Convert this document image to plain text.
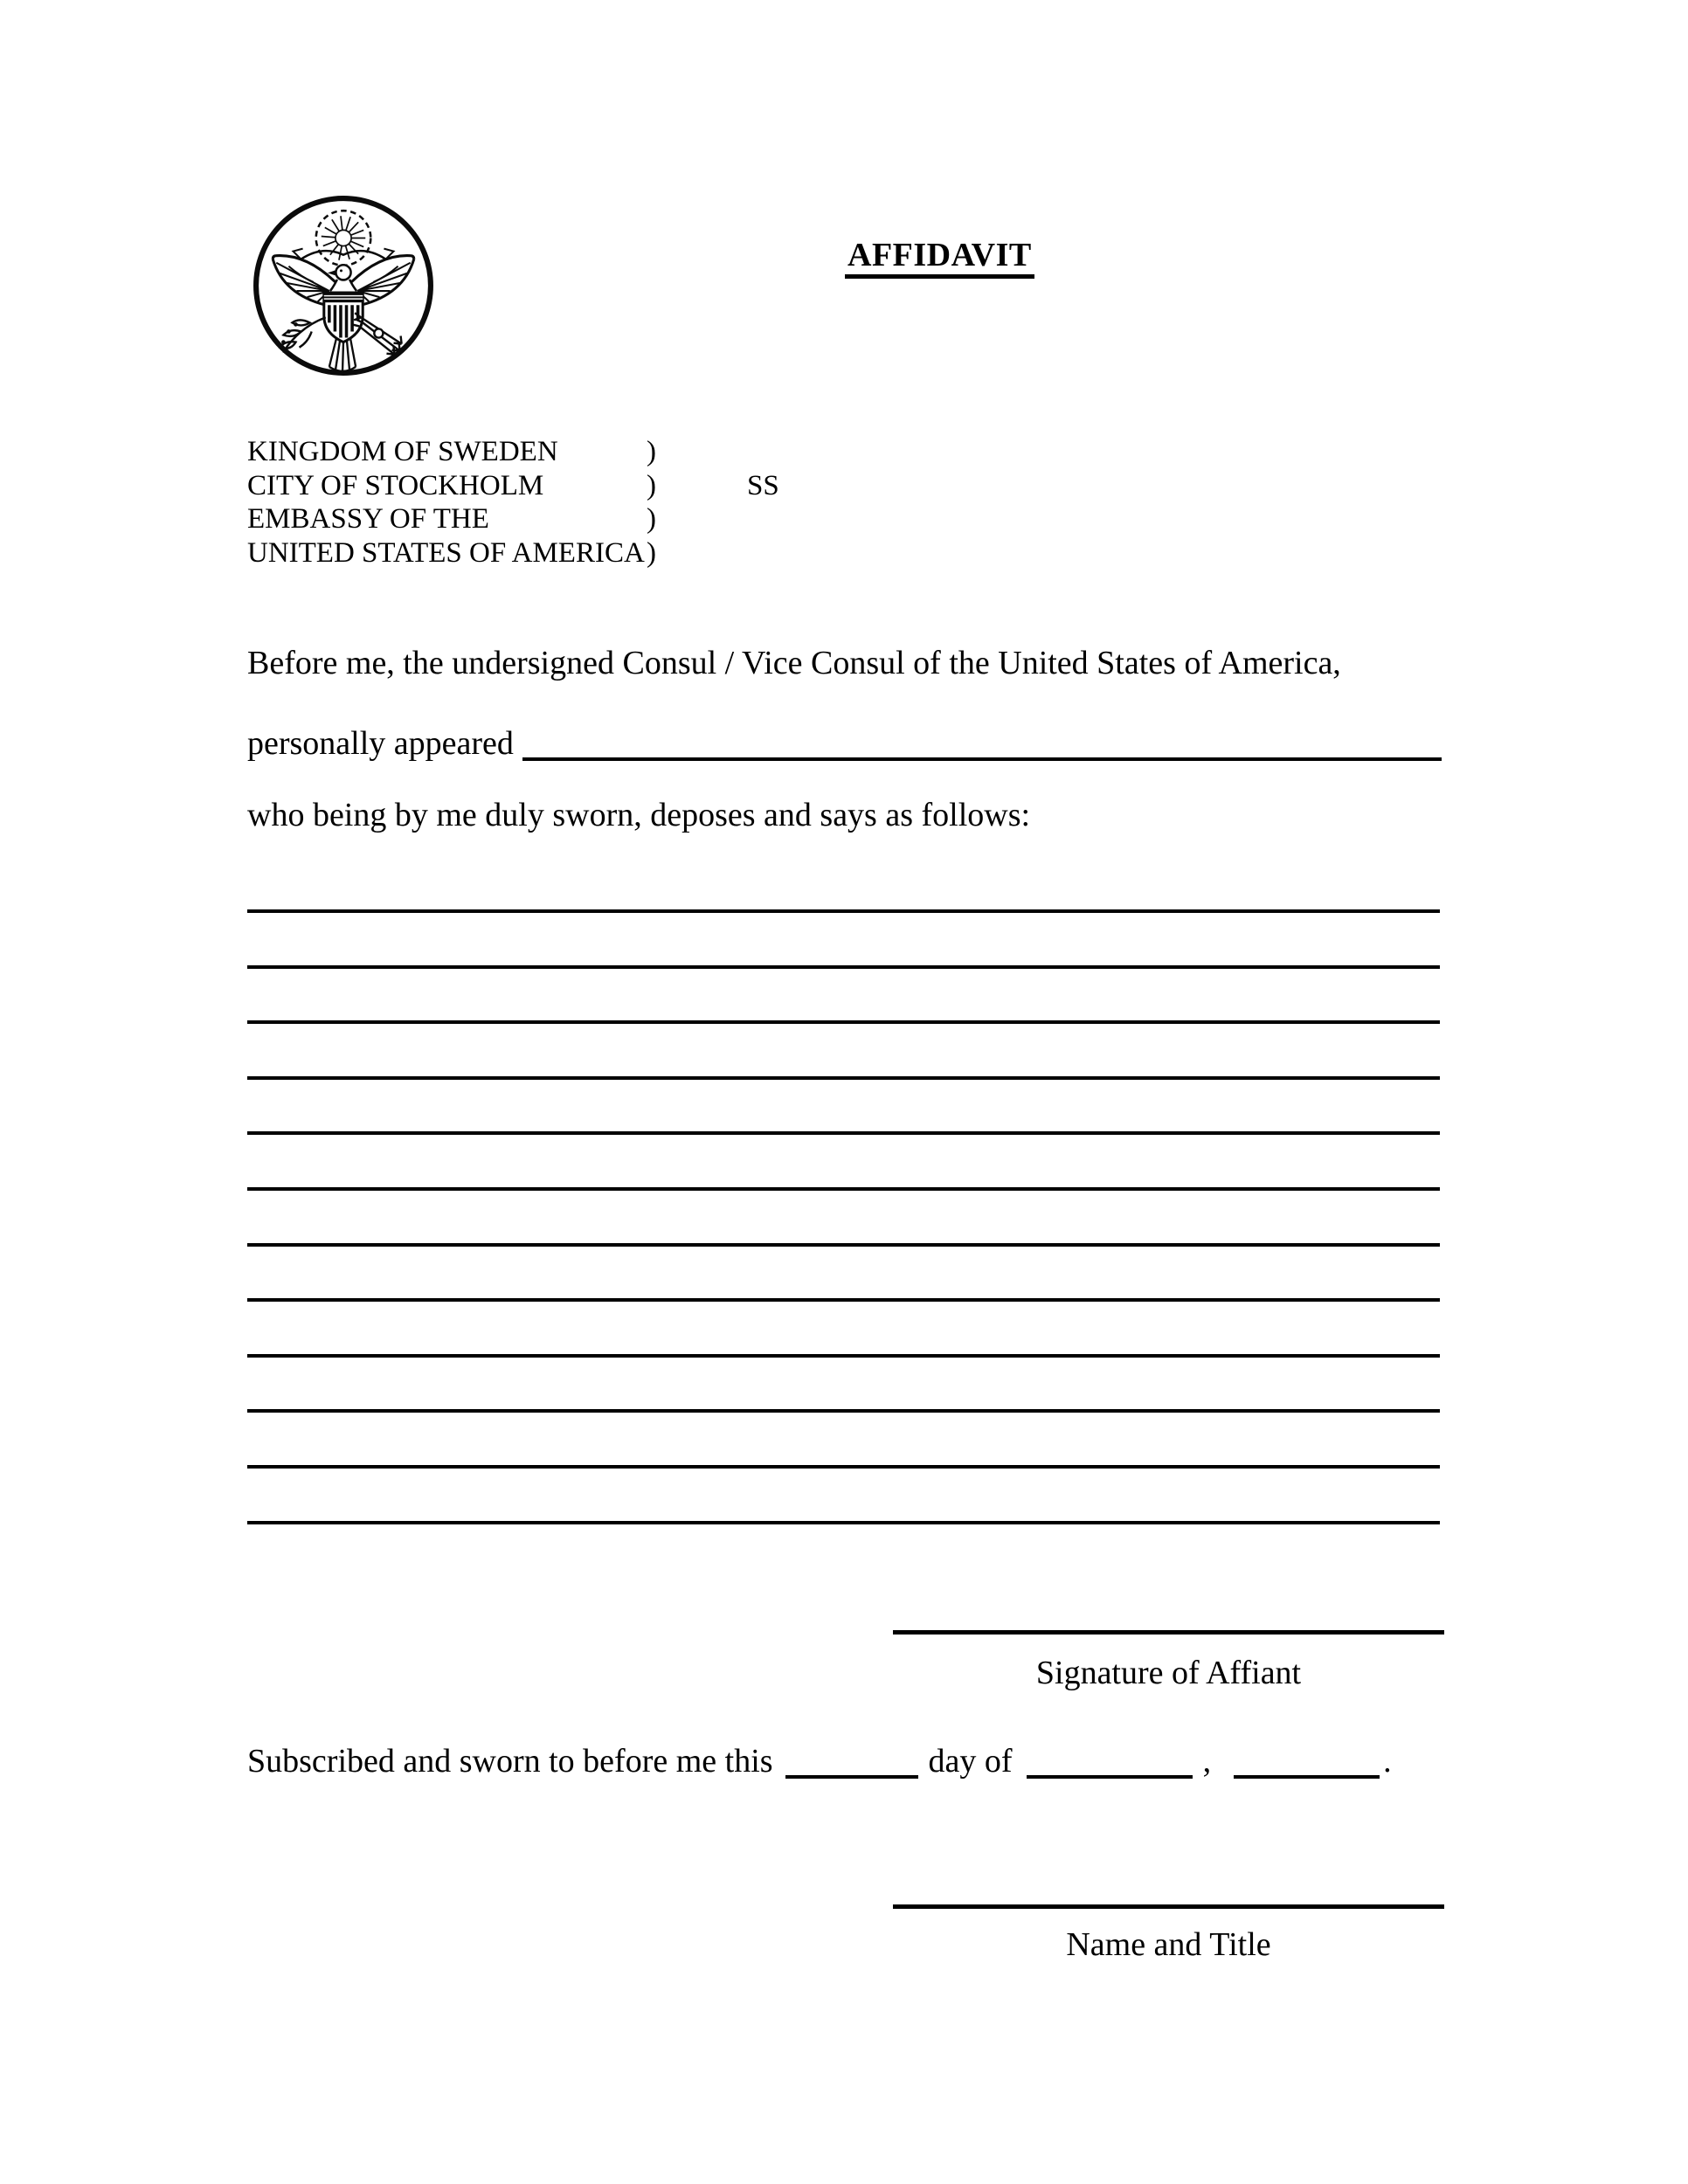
AFFIDAVIT
KINGDOM OF SWEDEN	)
CITY OF STOCKHOLM	)	SS
EMBASSY OF THE	)
UNITED STATES OF AMERICA )
Before me, the undersigned Consul / Vice Consul of the United States of America,
personally appeared
who being by me duly sworn, deposes and says as follows:
Signature of Affiant
Subscribed and sworn to before me this	day of	,	.
Name and Title
